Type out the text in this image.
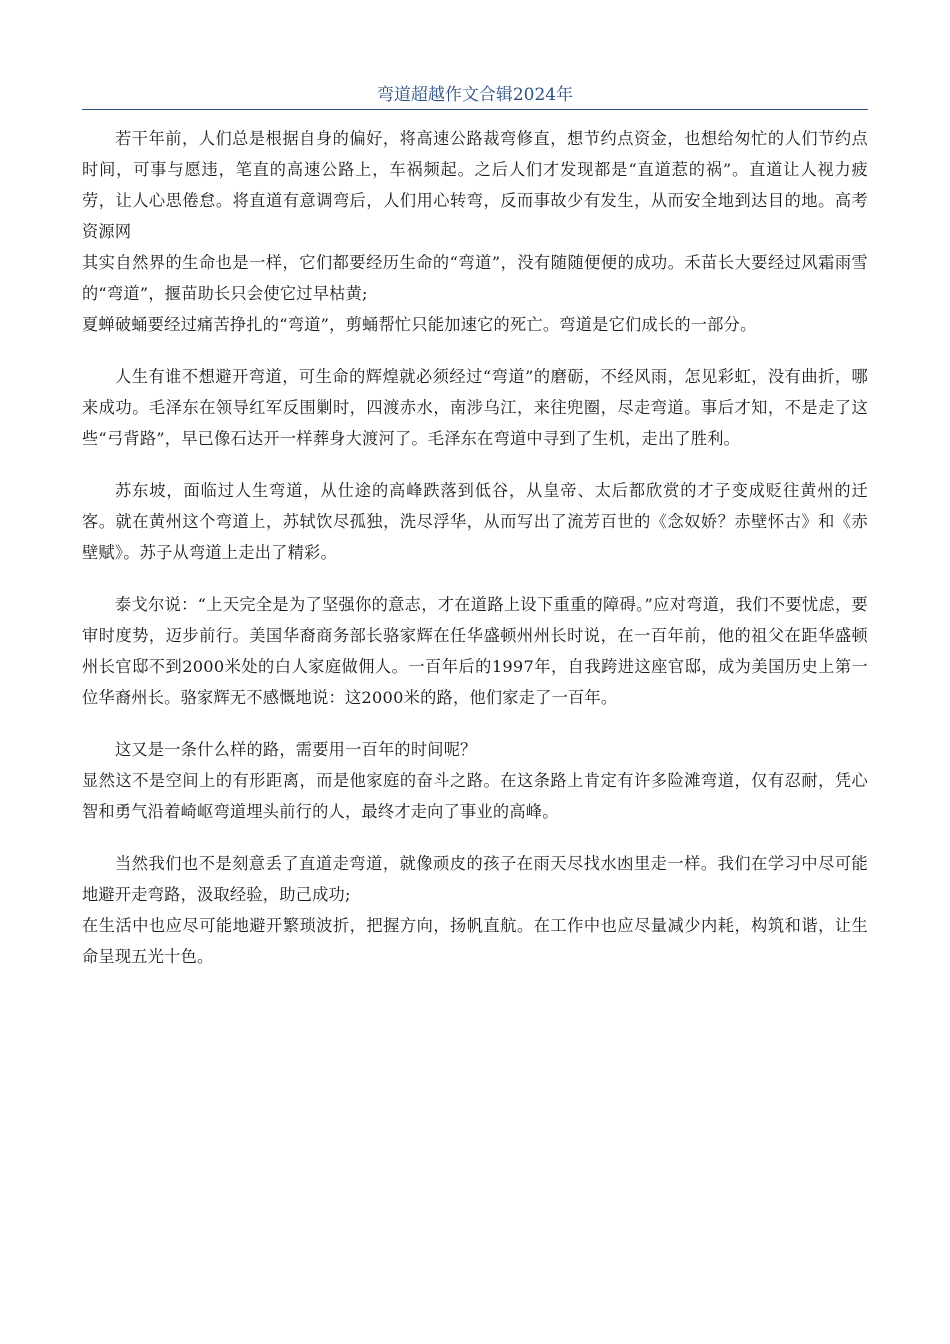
弯道超越作文合辑2024年

若干年前，人们总是根据自身的偏好，将高速公路裁弯修直，想节约点资金，也想给匆忙的人们节约点时间，可事与愿违，笔直的高速公路上，车祸频起。之后人们才发现都是“直道惹的祸”。直道让人视力疲劳，让人心思倦怠。将直道有意调弯后，人们用心转弯，反而事故少有发生，从而安全地到达目的地。高考资源网

其实自然界的生命也是一样，它们都要经历生命的“弯道”，没有随随便便的成功。禾苗长大要经过风霜雨雪的“弯道”，揠苗助长只会使它过早枯黄;

夏蝉破蛹要经过痛苦挣扎的“弯道”，剪蛹帮忙只能加速它的死亡。弯道是它们成长的一部分。

人生有谁不想避开弯道，可生命的辉煌就必须经过“弯道”的磨砺，不经风雨，怎见彩虹，没有曲折，哪来成功。毛泽东在领导红军反围剿时，四渡赤水，南涉乌江，来往兜圈，尽走弯道。事后才知，不是走了这些“弓背路”，早已像石达开一样葬身大渡河了。毛泽东在弯道中寻到了生机，走出了胜利。

苏东坡，面临过人生弯道，从仕途的高峰跌落到低谷，从皇帝、太后都欣赏的才子变成贬往黄州的迁客。就在黄州这个弯道上，苏轼饮尽孤独，洗尽浮华，从而写出了流芳百世的《念奴娇？赤壁怀古》和《赤壁赋》。苏子从弯道上走出了精彩。

泰戈尔说：“上天完全是为了坚强你的意志，才在道路上设下重重的障碍。”应对弯道，我们不要忧虑，要审时度势，迈步前行。美国华裔商务部长骆家辉在任华盛顿州州长时说，在一百年前，他的祖父在距华盛顿州长官邸不到2000米处的白人家庭做佣人。一百年后的1997年，自我跨进这座官邸，成为美国历史上第一位华裔州长。骆家辉无不感慨地说：这2000米的路，他们家走了一百年。

这又是一条什么样的路，需要用一百年的时间呢？

显然这不是空间上的有形距离，而是他家庭的奋斗之路。在这条路上肯定有许多险滩弯道，仅有忍耐，凭心智和勇气沿着崎岖弯道埋头前行的人，最终才走向了事业的高峰。

当然我们也不是刻意丢了直道走弯道，就像顽皮的孩子在雨天尽找水凼里走一样。我们在学习中尽可能地避开走弯路，汲取经验，助己成功;

在生活中也应尽可能地避开繁琐波折，把握方向，扬帆直航。在工作中也应尽量减少内耗，构筑和谐，让生命呈现五光十色。
